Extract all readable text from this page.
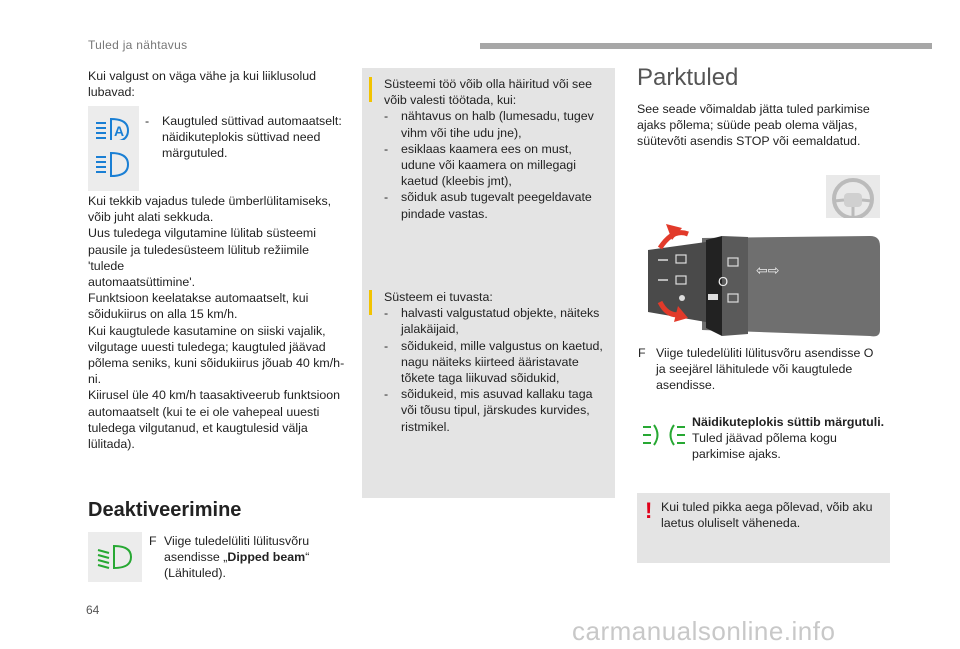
Tuled ja nähtavus
Kui valgust on väga vähe ja kui liiklusolud lubavad:
A
- Kaugtuled süttivad automaatselt: näidikuteplokis süttivad need märgutuled.
Kui tekkib vajadus tulede ümberlülitamiseks,
võib juht alati sekkuda.
Uus tuledega vilgutamine lülitab süsteemi
pausile ja tuledesüsteem lülitub režiimile 'tulede
automaatsüttimine'.
Funktsioon keelatakse automaatselt, kui
sõidukiirus on alla 15 km/h.
Kui kaugtulede kasutamine on siiski vajalik,
vilgutage uuesti tuledega; kaugtuled jäävad
põlema seniks, kuni sõidukiirus jõuab 40 km/h-
ni.
Kiirusel üle 40 km/h taasaktiveerub funktsioon
automaatselt (kui te ei ole vahepeal uuesti
tuledega vilgutanud, et kaugtulesid välja
lülitada).
Deaktiveerimine
F Viige tuledelüliti lülitusvõru asendisse „Dipped beam“ (Lähituled).
Süsteemi töö võib olla häiritud või see võib valesti töötada, kui:
- nähtavus on halb (lumesadu, tugev vihm või tihe udu jne),
- esiklaas kaamera ees on must, udune või kaamera on millegagi kaetud (kleebis jmt),
- sõiduk asub tugevalt peegeldavate pindade vastas.
Süsteem ei tuvasta:
- halvasti valgustatud objekte, näiteks jalakäijaid,
- sõidukeid, mille valgustus on kaetud, nagu näiteks kiirteed ääristavate tõkete taga liikuvad sõidukid,
- sõidukeid, mis asuvad kallaku taga või tõusu tipul, järskudes kurvides, ristmikel.
Parktuled
See seade võimaldab jätta tuled parkimise ajaks põlema; süüde peab olema väljas, süütevõti asendis STOP või eemaldatud.
O
⇦⇨
F Viige tuledelüliti lülitusvõru asendisse O ja seejärel lähitulede või kaugtulede asendisse.
Näidikuteplokis süttib märgutuli.
Tuled jäävad põlema kogu parkimise ajaks.
! Kui tuled pikka aega põlevad, võib aku laetus oluliselt väheneda.
64
carmanualsonline.info
